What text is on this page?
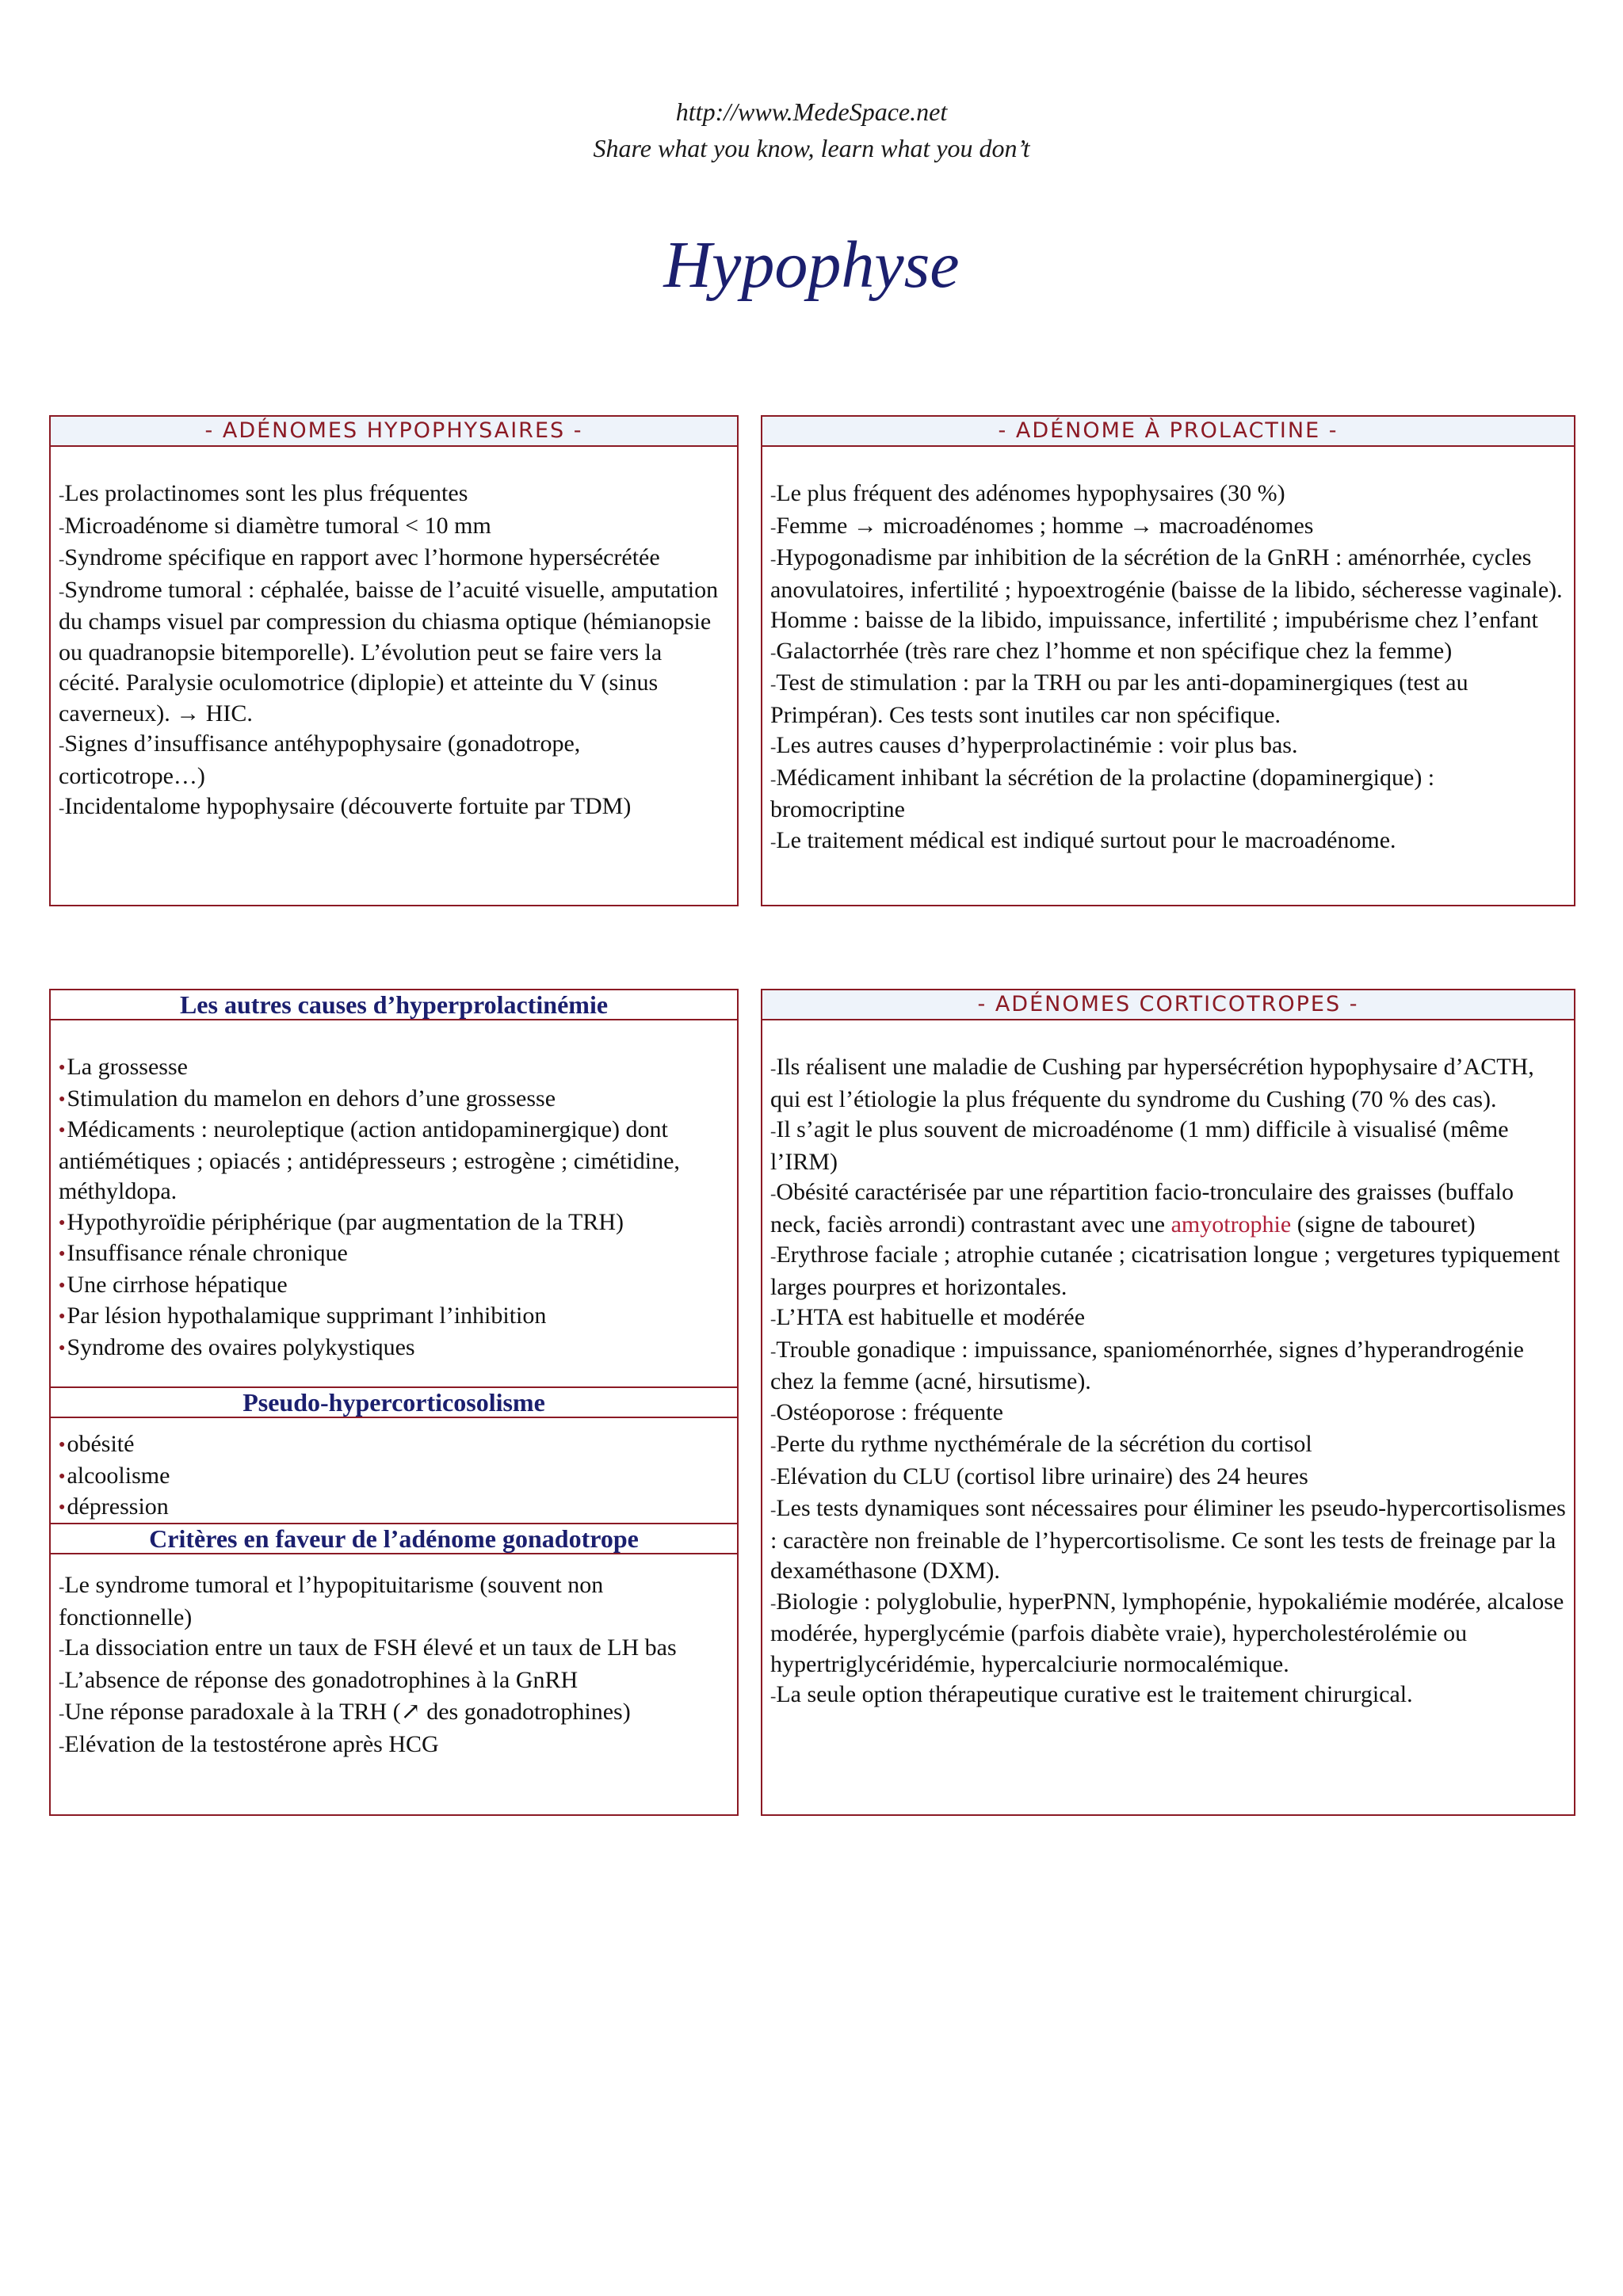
http://www.MedeSpace.net
Share what you know, learn what you don’t
Hypophyse
- ADÉNOMES HYPOPHYSAIRES -
- Les prolactinomes sont les plus fréquentes
- Microadénome si diamètre tumoral < 10 mm
- Syndrome spécifique en rapport avec l’hormone hypersécrétée
- Syndrome tumoral : céphalée, baisse de l’acuité visuelle, amputation du champs visuel par compression du chiasma optique (hémianopsie ou quadranopsie bitemporelle). L’évolution peut se faire vers la cécité. Paralysie oculomotrice (diplopie) et atteinte du V (sinus caverneux). → HIC.
- Signes d’insuffisance antéhypophysaire (gonadotrope, corticotrope…)
- Incidentalome hypophysaire (découverte fortuite par TDM)
- ADÉNOME À PROLACTINE -
- Le plus fréquent des adénomes hypophysaires (30 %)
- Femme → microadénomes ; homme → macroadénomes
- Hypogonadisme par inhibition de la sécrétion de la GnRH : aménorrhée, cycles anovulatoires, infertilité ; hypoextrogénie (baisse de la libido, sécheresse vaginale). Homme : baisse de la libido, impuissance, infertilité ; impubérisme chez l’enfant
- Galactorrhée (très rare chez l’homme et non spécifique chez la femme)
- Test de stimulation : par la TRH ou par les anti-dopaminergiques (test au Primpéran). Ces tests sont inutiles car non spécifique.
- Les autres causes d’hyperprolactinémie : voir plus bas.
- Médicament inhibant la sécrétion de la prolactine (dopaminergique) : bromocriptine
- Le traitement médical est indiqué surtout pour le macroadénome.
Les autres causes d’hyperprolactinémie
● La grossesse
● Stimulation du mamelon en dehors d’une grossesse
● Médicaments : neuroleptique (action antidopaminergique) dont antiémétiques ; opiacés ; antidépresseurs ; estrogène ; cimétidine, méthyldopa.
● Hypothyroïdie périphérique (par augmentation de la TRH)
● Insuffisance rénale chronique
● Une cirrhose hépatique
● Par lésion hypothalamique supprimant l’inhibition
● Syndrome des ovaires polykystiques
Pseudo-hypercorticosolisme
● obésité
● alcoolisme
● dépression
Critères en faveur de l’adénome gonadotrope
- Le syndrome tumoral et l’hypopituitarisme (souvent non fonctionnelle)
- La dissociation entre un taux de FSH élevé et un taux de LH bas
- L’absence de réponse des gonadotrophines à la GnRH
- Une réponse paradoxale à la TRH (↗ des gonadotrophines)
- Elévation de la testostérone après HCG
- ADÉNOMES CORTICOTROPES -
- Ils réalisent une maladie de Cushing par hypersécrétion hypophysaire d’ACTH, qui est l’étiologie la plus fréquente du syndrome du Cushing (70 % des cas).
- Il s’agit le plus souvent de microadénome (1 mm) difficile à visualisé (même l’IRM)
- Obésité caractérisée par une répartition facio-tronculaire des graisses (buffalo neck, faciès arrondi) contrastant avec une amyotrophie (signe de tabouret)
- Erythrose faciale ; atrophie cutanée ; cicatrisation longue ; vergetures typiquement larges pourpres et horizontales.
- L’HTA est habituelle et modérée
- Trouble gonadique : impuissance, spanioménorrhée, signes d’hyperandrogénie chez la femme (acné, hirsutisme).
- Ostéoporose : fréquente
- Perte du rythme nycthémérale de la sécrétion du cortisol
- Elévation du CLU (cortisol libre urinaire) des 24 heures
- Les tests dynamiques sont nécessaires pour éliminer les pseudo-hypercortisolismes : caractère non freinable de l’hypercortisolisme. Ce sont les tests de freinage par la dexaméthasone (DXM).
- Biologie : polyglobulie, hyperPNN, lymphopénie, hypokaliémie modérée, alcalose modérée, hyperglycémie (parfois diabète vraie), hypercholestérolémie ou hypertriglycéridémie, hypercalciurie normocalémique.
- La seule option thérapeutique curative est le traitement chirurgical.
